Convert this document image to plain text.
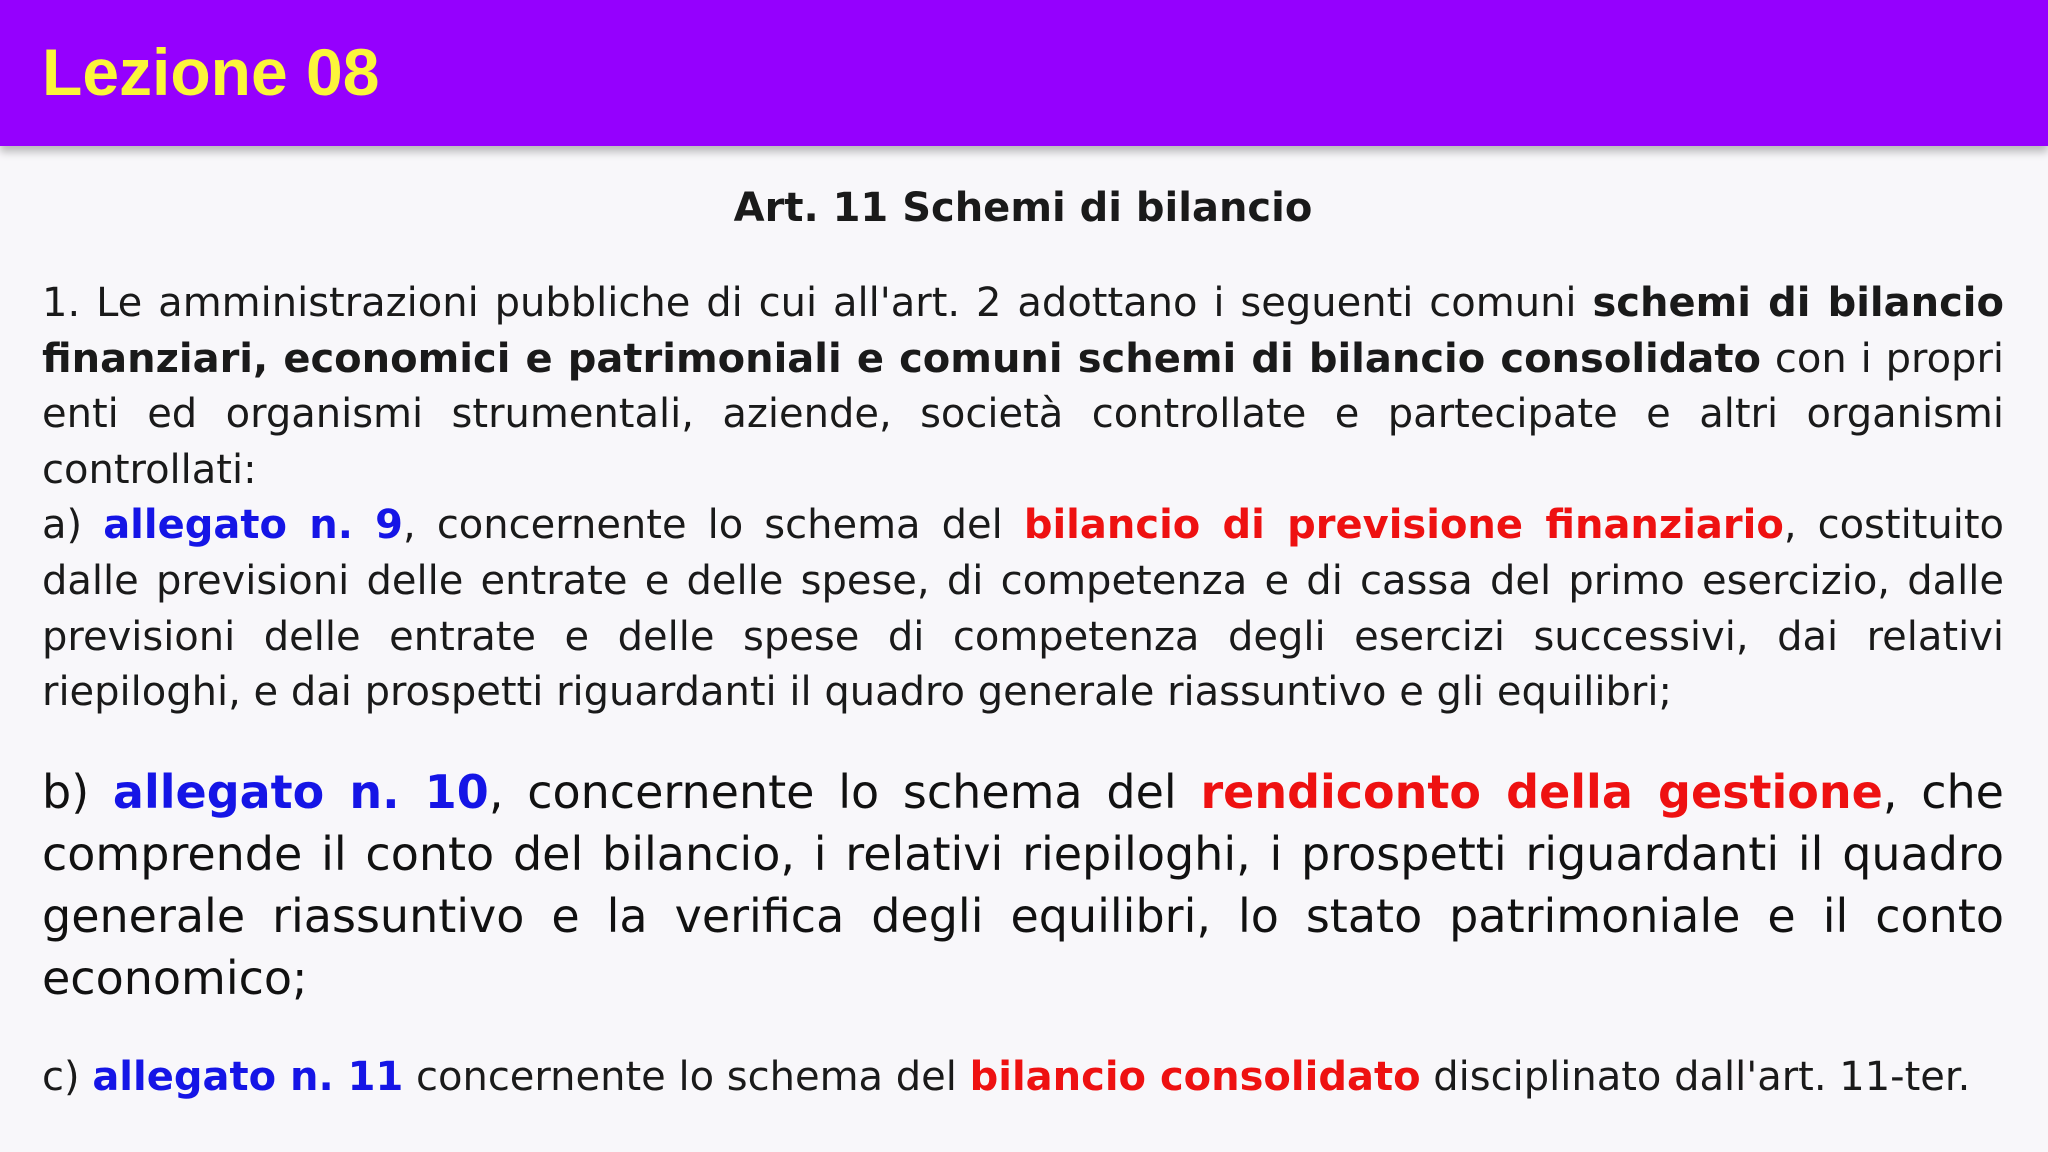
Lezione 08

Art. 11 Schemi di bilancio

1. Le amministrazioni pubbliche di cui all'art. 2 adottano i seguenti comuni schemi di bilancio finanziari, economici e patrimoniali e comuni schemi di bilancio consolidato con i propri enti ed organismi strumentali, aziende, società controllate e partecipate e altri organismi controllati:

a) allegato n. 9, concernente lo schema del bilancio di previsione finanziario, costituito dalle previsioni delle entrate e delle spese, di competenza e di cassa del primo esercizio, dalle previsioni delle entrate e delle spese di competenza degli esercizi successivi, dai relativi riepiloghi, e dai prospetti riguardanti il quadro generale riassuntivo e gli equilibri;

b) allegato n. 10, concernente lo schema del rendiconto della gestione, che comprende il conto del bilancio, i relativi riepiloghi, i prospetti riguardanti il quadro generale riassuntivo e la verifica degli equilibri, lo stato patrimoniale e il conto economico;

c) allegato n. 11 concernente lo schema del bilancio consolidato disciplinato dall'art. 11-ter.
